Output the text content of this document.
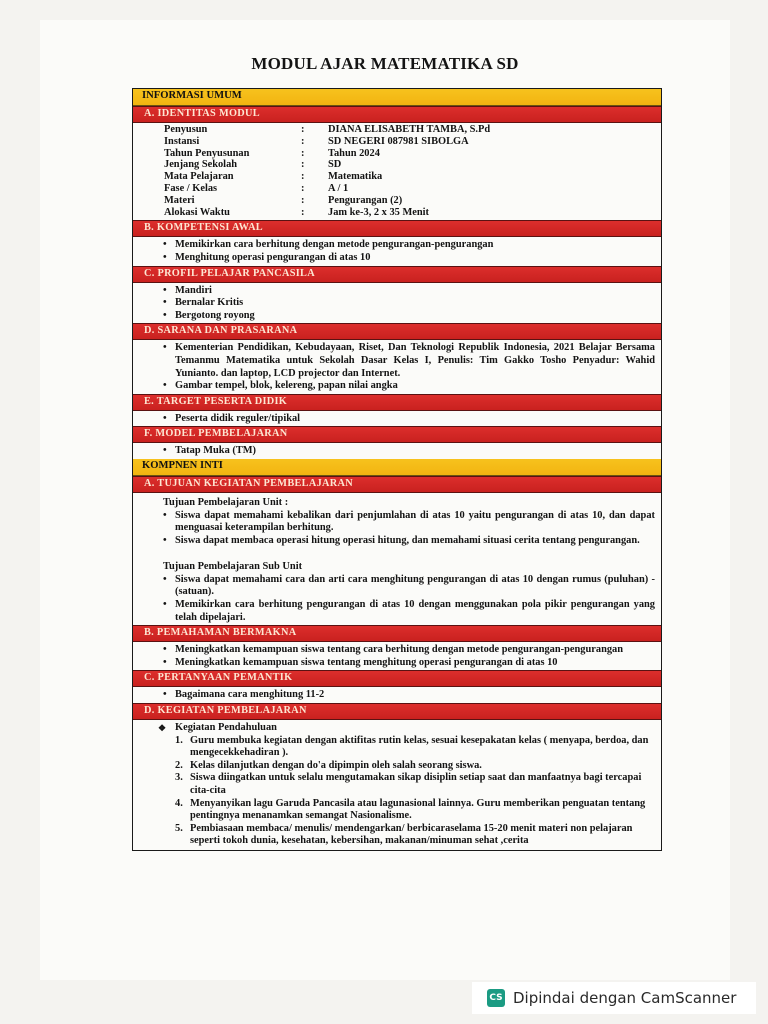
MODUL AJAR MATEMATIKA SD
INFORMASI UMUM
A. IDENTITAS MODUL
Penyusun	:	DIANA ELISABETH TAMBA, S.Pd
Instansi	:	SD NEGERI 087981 SIBOLGA
Tahun Penyusunan	:	Tahun 2024
Jenjang Sekolah	:	SD
Mata Pelajaran	:	Matematika
Fase / Kelas	:	A / 1
Materi	:	Pengurangan (2)
Alokasi Waktu	:	Jam ke-3, 2 x 35 Menit
B. KOMPETENSI AWAL
• Memikirkan cara berhitung dengan metode pengurangan-pengurangan
• Menghitung operasi pengurangan di atas 10
C. PROFIL PELAJAR PANCASILA
• Mandiri
• Bernalar Kritis
• Bergotong royong
D. SARANA DAN PRASARANA
• Kementerian Pendidikan, Kebudayaan, Riset, Dan Teknologi Republik Indonesia, 2021 Belajar Bersama Temanmu Matematika untuk Sekolah Dasar Kelas I, Penulis: Tim Gakko Tosho Penyadur: Wahid Yunianto. dan laptop, LCD projector dan Internet.
• Gambar tempel, blok, kelereng, papan nilai angka
E. TARGET PESERTA DIDIK
• Peserta didik reguler/tipikal
F. MODEL PEMBELAJARAN
• Tatap Muka (TM)
KOMPNEN INTI
A. TUJUAN KEGIATAN PEMBELAJARAN
Tujuan Pembelajaran Unit :
• Siswa dapat memahami kebalikan dari penjumlahan di atas 10 yaitu pengurangan di atas 10, dan dapat menguasai keterampilan berhitung.
• Siswa dapat membaca operasi hitung operasi hitung, dan memahami situasi cerita tentang pengurangan.
Tujuan Pembelajaran Sub Unit
• Siswa dapat memahami cara dan arti cara menghitung pengurangan di atas 10 dengan rumus (puluhan) - (satuan).
• Memikirkan cara berhitung pengurangan di atas 10 dengan menggunakan pola pikir pengurangan yang telah dipelajari.
B. PEMAHAMAN BERMAKNA
• Meningkatkan kemampuan siswa tentang cara berhitung dengan metode pengurangan-pengurangan
• Meningkatkan kemampuan siswa tentang menghitung operasi pengurangan di atas 10
C. PERTANYAAN PEMANTIK
• Bagaimana cara menghitung 11-2
D. KEGIATAN PEMBELAJARAN
❖ Kegiatan Pendahuluan
1. Guru membuka kegiatan dengan aktifitas rutin kelas, sesuai kesepakatan kelas ( menyapa, berdoa, dan mengecekkehadiran ).
2. Kelas dilanjutkan dengan do'a dipimpin oleh salah seorang siswa.
3. Siswa diingatkan untuk selalu mengutamakan sikap disiplin setiap saat dan manfaatnya bagi tercapai cita-cita
4. Menyanyikan lagu Garuda Pancasila atau lagunasional lainnya. Guru memberikan penguatan tentang pentingnya menanamkan semangat Nasionalisme.
5. Pembiasaan membaca/ menulis/ mendengarkan/ berbicaraselama 15-20 menit materi non pelajaran seperti tokoh dunia, kesehatan, kebersihan, makanan/minuman sehat ,cerita
CS Dipindai dengan CamScanner
